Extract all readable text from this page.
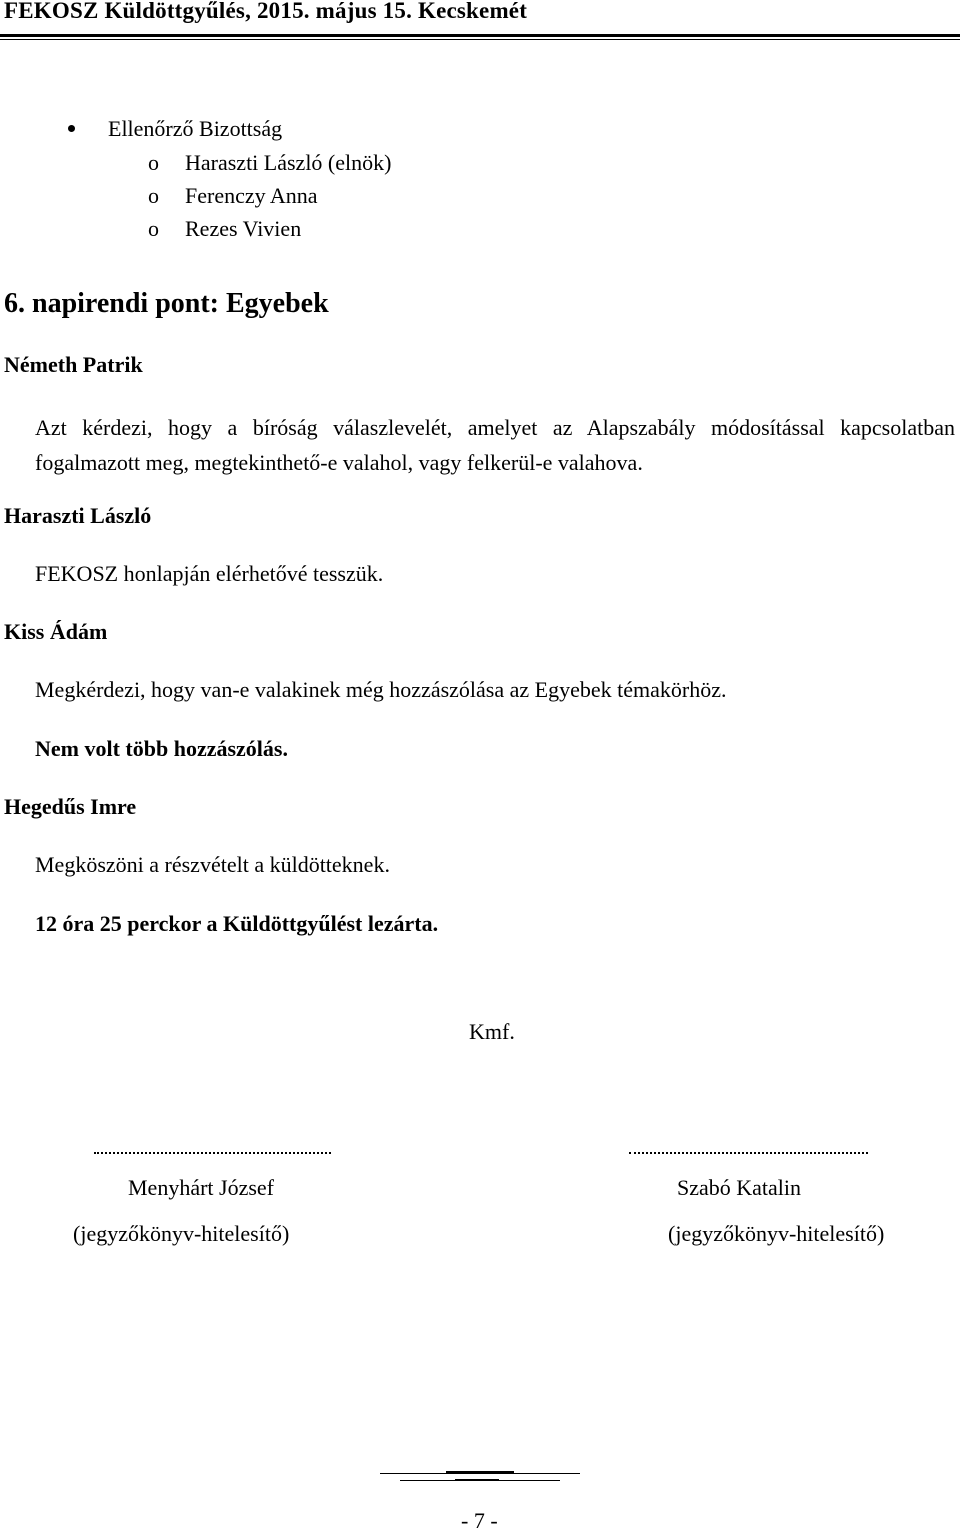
FEKOSZ Küldöttgyűlés, 2015. május 15. Kecskemét
Ellenőrző Bizottság
o Haraszti László (elnök)
o Ferenczy Anna
o Rezes Vivien
6. napirendi pont: Egyebek
Németh Patrik
Azt kérdezi, hogy a bíróság válaszlevelét, amelyet az Alapszabály módosítással kapcsolatban fogalmazott meg, megtekinthető-e valahol, vagy felkerül-e valahova.
Haraszti László
FEKOSZ honlapján elérhetővé tesszük.
Kiss Ádám
Megkérdezi, hogy van-e valakinek még hozzászólása az Egyebek témakörhöz.
Nem volt több hozzászólás.
Hegedűs Imre
Megköszöni a részvételt a küldötteknek.
12 óra 25 perckor a Küldöttgyűlést lezárta.
Kmf.
Menyhárt József
(jegyzőkönyv-hitelesítő)
Szabó Katalin
(jegyzőkönyv-hitelesítő)
- 7 -
